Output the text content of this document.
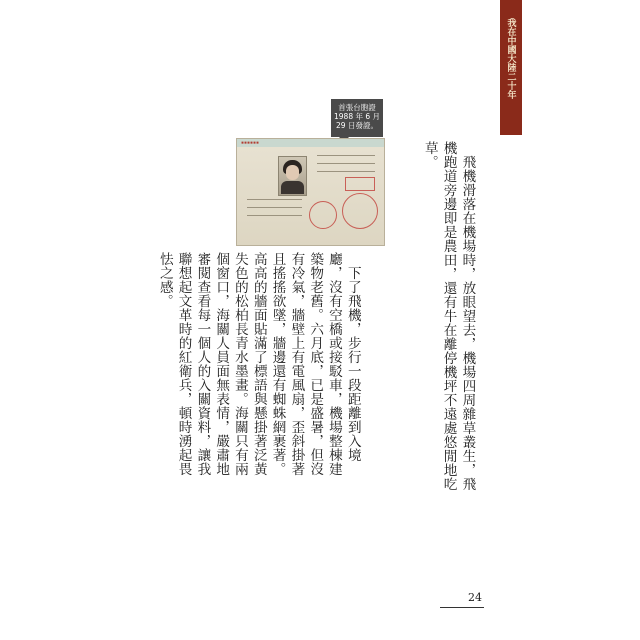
我在中國大陸二十年
首張台胞證
1988 年 6 月
29 日發證。
▪▪▪▪▪▪
　飛機滑落在機場時，放眼望去，機場四周雜草叢生，飛
機跑道旁邊即是農田，還有牛在離停機坪不遠處悠閒地吃
草。
　下了飛機，步行一段距離到入境
廳，沒有空橋或接駁車，機場整棟建
築物老舊。六月底，已是盛暑，但沒
有冷氣，牆壁上有電風扇，歪斜掛著
且搖搖欲墜，牆邊還有蜘蛛網裹著。
高高的牆面貼滿了標語與懸掛著泛黃
失色的松柏長青水墨畫。海關只有兩
個窗口，海關人員面無表情，嚴肅地
審閱查看每一個人的入關資料，讓我
聯想起文革時的紅衛兵，頓時湧起畏
怯之感。
24
